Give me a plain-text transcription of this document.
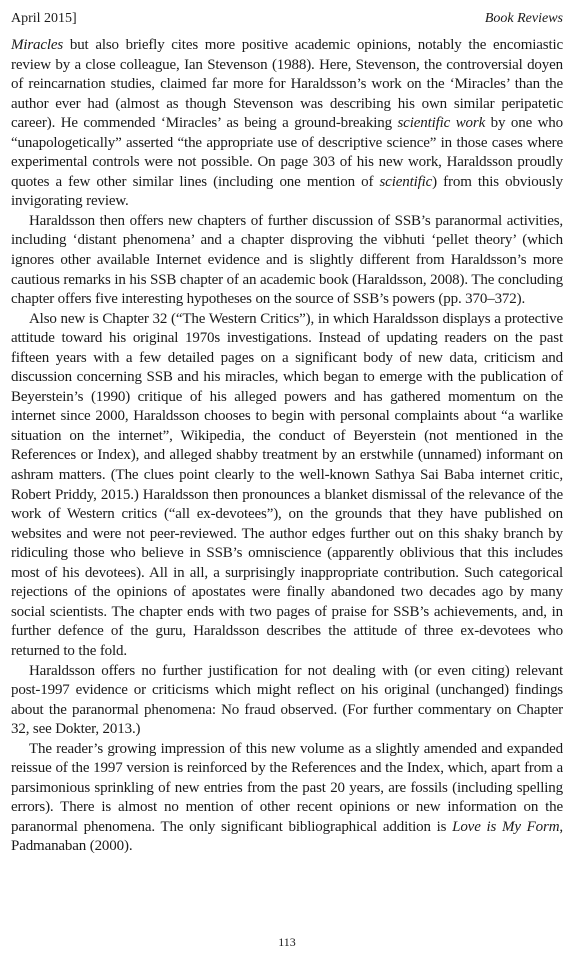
April 2015]	Book Reviews

Miracles but also briefly cites more positive academic opinions, notably the encomiastic review by a close colleague, Ian Stevenson (1988). Here, Stevenson, the controversial doyen of reincarnation studies, claimed far more for Haraldsson’s work on the ‘Miracles’ than the author ever had (almost as though Stevenson was describing his own similar peripatetic career). He commended ‘Miracles’ as being a ground-breaking scientific work by one who “unapologetically” asserted “the appropriate use of descriptive science” in those cases where experimental controls were not possible. On page 303 of his new work, Haraldsson proudly quotes a few other similar lines (including one mention of scientific) from this obviously invigorating review.

Haraldsson then offers new chapters of further discussion of SSB’s paranormal activities, including ‘distant phenomena’ and a chapter disproving the vibhuti ‘pellet theory’ (which ignores other available Internet evidence and is slightly different from Haraldsson’s more cautious remarks in his SSB chapter of an academic book (Haraldsson, 2008). The concluding chapter offers five interesting hypotheses on the source of SSB’s powers (pp. 370–372).

Also new is Chapter 32 (“The Western Critics”), in which Haraldsson displays a protective attitude toward his original 1970s investigations. Instead of updating readers on the past fifteen years with a few detailed pages on a significant body of new data, criticism and discussion concerning SSB and his miracles, which began to emerge with the publication of Beyerstein’s (1990) critique of his alleged powers and has gathered momentum on the internet since 2000, Haraldsson chooses to begin with personal complaints about “a warlike situation on the internet”, Wikipedia, the conduct of Beyerstein (not mentioned in the References or Index), and alleged shabby treatment by an erstwhile (unnamed) informant on ashram matters. (The clues point clearly to the well-known Sathya Sai Baba internet critic, Robert Priddy, 2015.) Haraldsson then pronounces a blanket dismissal of the relevance of the work of Western critics (“all ex-devotees”), on the grounds that they have published on websites and were not peer-reviewed. The author edges further out on this shaky branch by ridiculing those who believe in SSB’s omniscience (apparently oblivious that this includes most of his devotees). All in all, a surprisingly inappropriate contribution. Such categorical rejections of the opinions of apostates were finally abandoned two decades ago by many social scientists. The chapter ends with two pages of praise for SSB’s achievements, and, in further defence of the guru, Haraldsson describes the attitude of three ex-devotees who returned to the fold.

Haraldsson offers no further justification for not dealing with (or even citing) relevant post-1997 evidence or criticisms which might reflect on his original (unchanged) findings about the paranormal phenomena: No fraud observed. (For further commentary on Chapter 32, see Dokter, 2013.)

The reader’s growing impression of this new volume as a slightly amended and expanded reissue of the 1997 version is reinforced by the References and the Index, which, apart from a parsimonious sprinkling of new entries from the past 20 years, are fossils (including spelling errors). There is almost no mention of other recent opinions or new information on the paranormal phenomena. The only significant bibliographical addition is Love is My Form, Padmanaban (2000).

113
